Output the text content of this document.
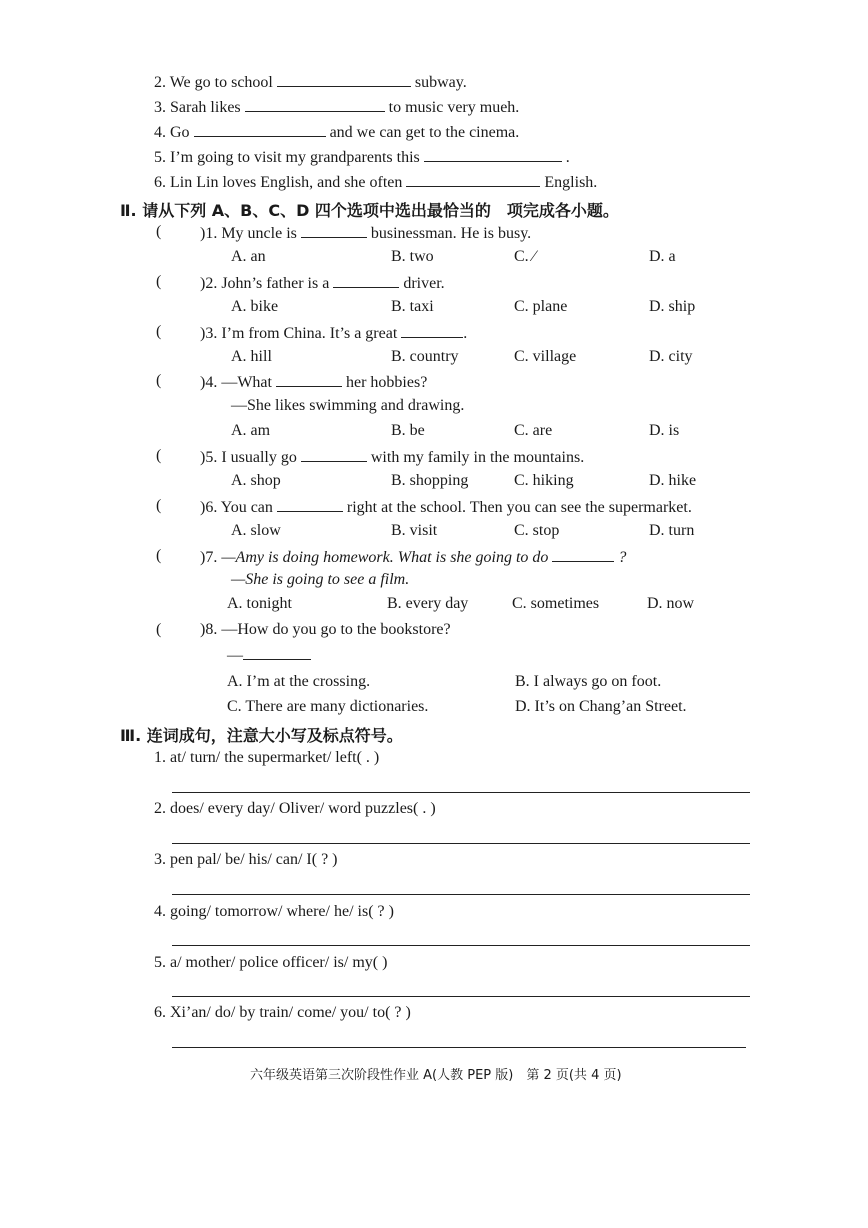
2. We go to school	subway.
3. Sarah likes	to music very mueh.
4. Go	and we can get to the cinema.
5. I’m going to visit my grandparents this	.
6. Lin Lin loves English, and she often	English.
Ⅱ. 请从下列 A、B、C、D 四个选项中选出最恰当的　项完成各小题。
( )1. My uncle is	businessman. He is busy.
A. an	B. two	C. ∕	D. a
( )2. John’s father is a	driver.
A. bike	B. taxi	C. plane	D. ship
( )3. I’m from China. It’s a great	.
A. hill	B. country	C. village	D. city
( )4. —What	her hobbies?
—She likes swimming and drawing.
A. am	B. be	C. are	D. is
( )5. I usually go	with my family in the mountains.
A. shop	B. shopping	C. hiking	D. hike
( )6. You can	right at the school. Then you can see the supermarket.
A. slow	B. visit	C. stop	D. turn
( )7. —Amy is doing homework. What is she going to do	?
—She is going to see a film.
A. tonight	B. every day	C. sometimes	D. now
( )8. —How do you go to the bookstore?
—
A. I’m at the crossing.	B. I always go on foot.
C. There are many dictionaries.	D. It’s on Chang’an Street.
Ⅲ. 连词成句，注意大小写及标点符号。
1. at/ turn/ the supermarket/ left( . )
2. does/ every day/ Oliver/ word puzzles( . )
3. pen pal/ be/ his/ can/ I( ? )
4. going/ tomorrow/ where/ he/ is( ? )
5. a/ mother/ police officer/ is/ my( )
6. Xi’an/ do/ by train/ come/ you/ to( ? )
六年级英语第三次阶段性作业 A(人教 PEP 版)　第 2 页(共 4 页)
